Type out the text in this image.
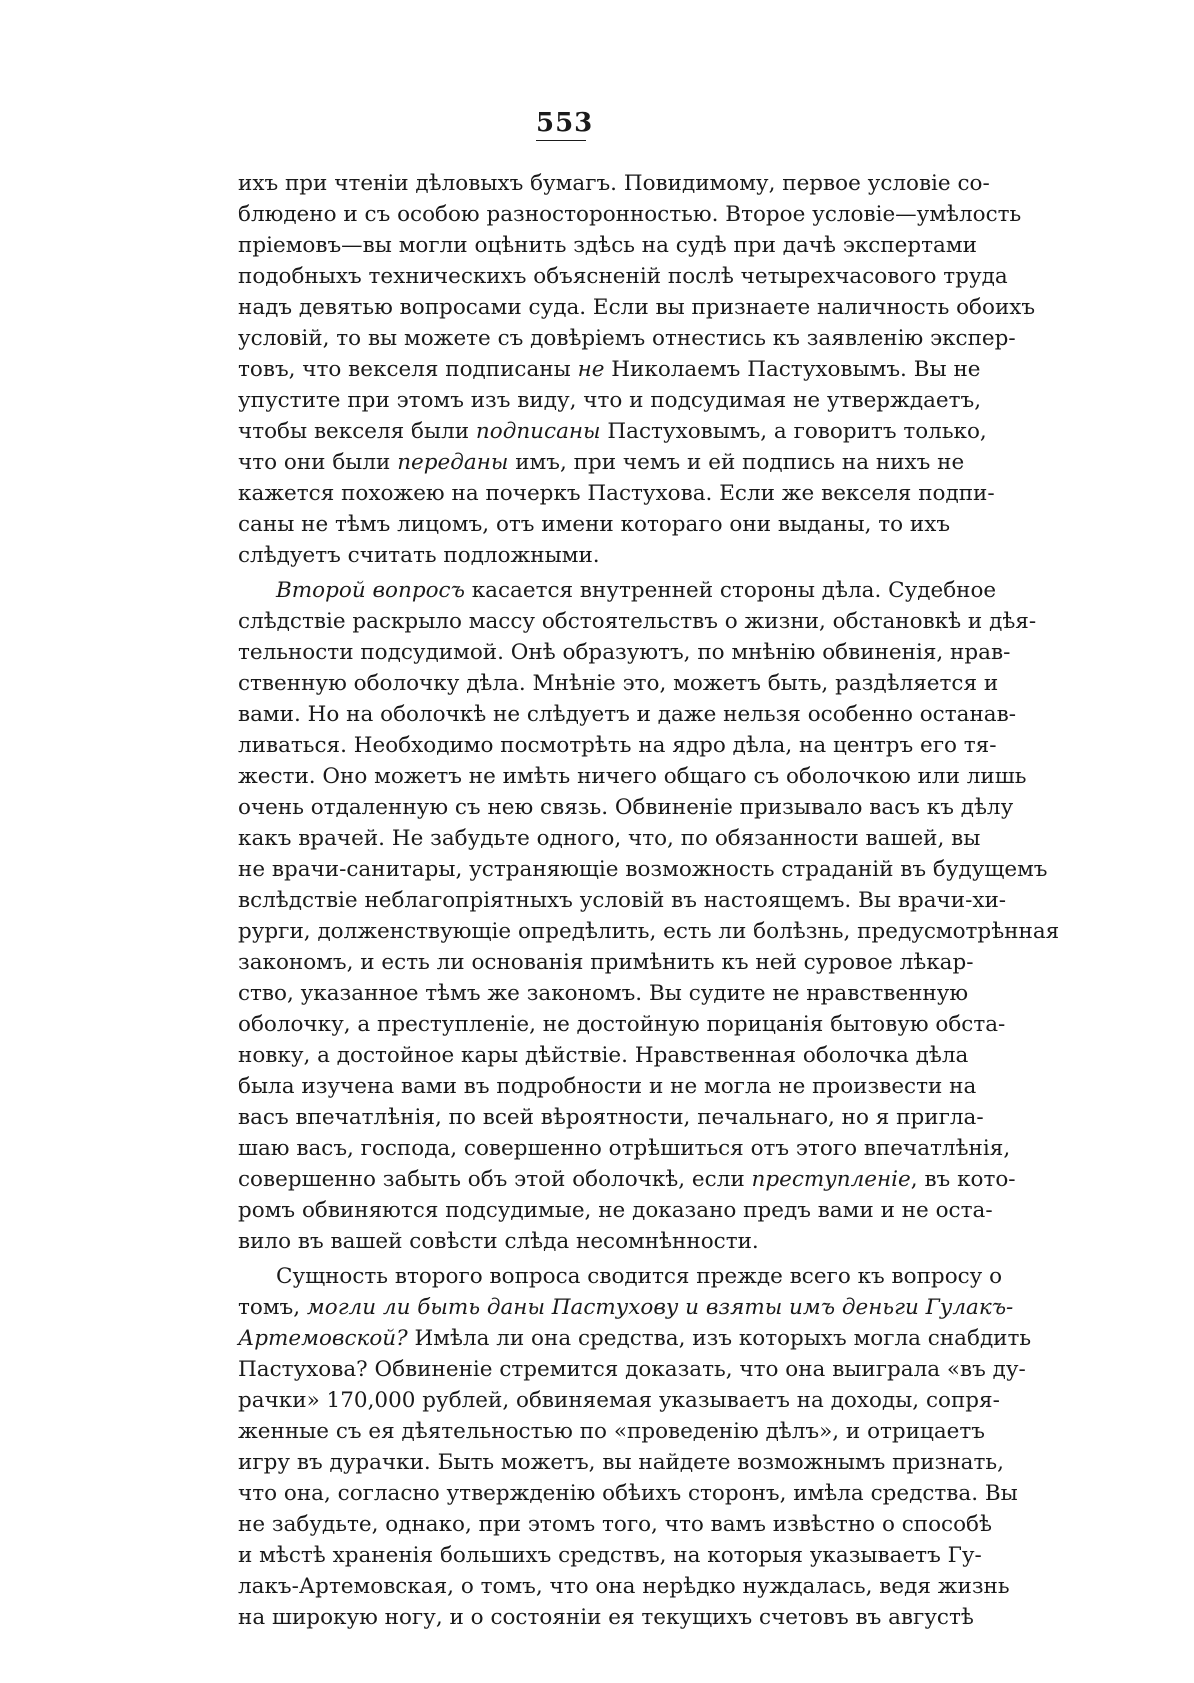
553
ихъ при чтеніи дѣловыхъ бумагъ. Повидимому, первое условіе со-
блюдено и съ особою разносторонностью. Второе условіе—умѣлость
пріемовъ—вы могли оцѣнить здѣсь на судѣ при дачѣ экспертами
подобныхъ техническихъ объясненій послѣ четырехчасового труда
надъ девятью вопросами суда. Если вы признаете наличность обоихъ
условій, то вы можете съ довѣріемъ отнестись къ заявленію экспер-
товъ, что векселя подписаны не Николаемъ Пастуховымъ. Вы не
упустите при этомъ изъ виду, что и подсудимая не утверждаетъ,
чтобы векселя были подписаны Пастуховымъ, а говоритъ только,
что они были переданы имъ, при чемъ и ей подпись на нихъ не
кажется похожею на почеркъ Пастухова. Если же векселя подпи-
саны не тѣмъ лицомъ, отъ имени котораго они выданы, то ихъ
слѣдуетъ считать подложными.
Второй вопросъ касается внутренней стороны дѣла. Судебное
слѣдствіе раскрыло массу обстоятельствъ о жизни, обстановкѣ и дѣя-
тельности подсудимой. Онѣ образуютъ, по мнѣнію обвиненія, нрав-
ственную оболочку дѣла. Мнѣніе это, можетъ быть, раздѣляется и
вами. Но на оболочкѣ не слѣдуетъ и даже нельзя особенно останав-
ливаться. Необходимо посмотрѣть на ядро дѣла, на центръ его тя-
жести. Оно можетъ не имѣть ничего общаго съ оболочкою или лишь
очень отдаленную съ нею связь. Обвиненіе призывало васъ къ дѣлу
какъ врачей. Не забудьте одного, что, по обязанности вашей, вы
не врачи-санитары, устраняющіе возможность страданій въ будущемъ
вслѣдствіе неблагопріятныхъ условій въ настоящемъ. Вы врачи-хи-
рурги, долженствующіе опредѣлить, есть ли болѣзнь, предусмотрѣнная
закономъ, и есть ли основанія примѣнить къ ней суровое лѣкар-
ство, указанное тѣмъ же закономъ. Вы судите не нравственную
оболочку, а преступленіе, не достойную порицанія бытовую обста-
новку, а достойное кары дѣйствіе. Нравственная оболочка дѣла
была изучена вами въ подробности и не могла не произвести на
васъ впечатлѣнія, по всей вѣроятности, печальнаго, но я пригла-
шаю васъ, господа, совершенно отрѣшиться отъ этого впечатлѣнія,
совершенно забыть объ этой оболочкѣ, если преступленіе, въ кото-
ромъ обвиняются подсудимые, не доказано предъ вами и не оста-
вило въ вашей совѣсти слѣда несомнѣнности.
Сущность второго вопроса сводится прежде всего къ вопросу о
томъ, могли ли быть даны Пастухову и взяты имъ деньги Гулакъ-
Артемовской? Имѣла ли она средства, изъ которыхъ могла снабдить
Пастухова? Обвиненіе стремится доказать, что она выиграла «въ ду-
рачки» 170,000 рублей, обвиняемая указываетъ на доходы, сопря-
женные съ ея дѣятельностью по «проведенію дѣлъ», и отрицаетъ
игру въ дурачки. Быть можетъ, вы найдете возможнымъ признать,
что она, согласно утвержденію обѣихъ сторонъ, имѣла средства. Вы
не забудьте, однако, при этомъ того, что вамъ извѣстно о способѣ
и мѣстѣ храненія большихъ средствъ, на которыя указываетъ Гу-
лакъ-Артемовская, о томъ, что она нерѣдко нуждалась, ведя жизнь
на широкую ногу, и о состояніи ея текущихъ счетовъ въ августѣ
